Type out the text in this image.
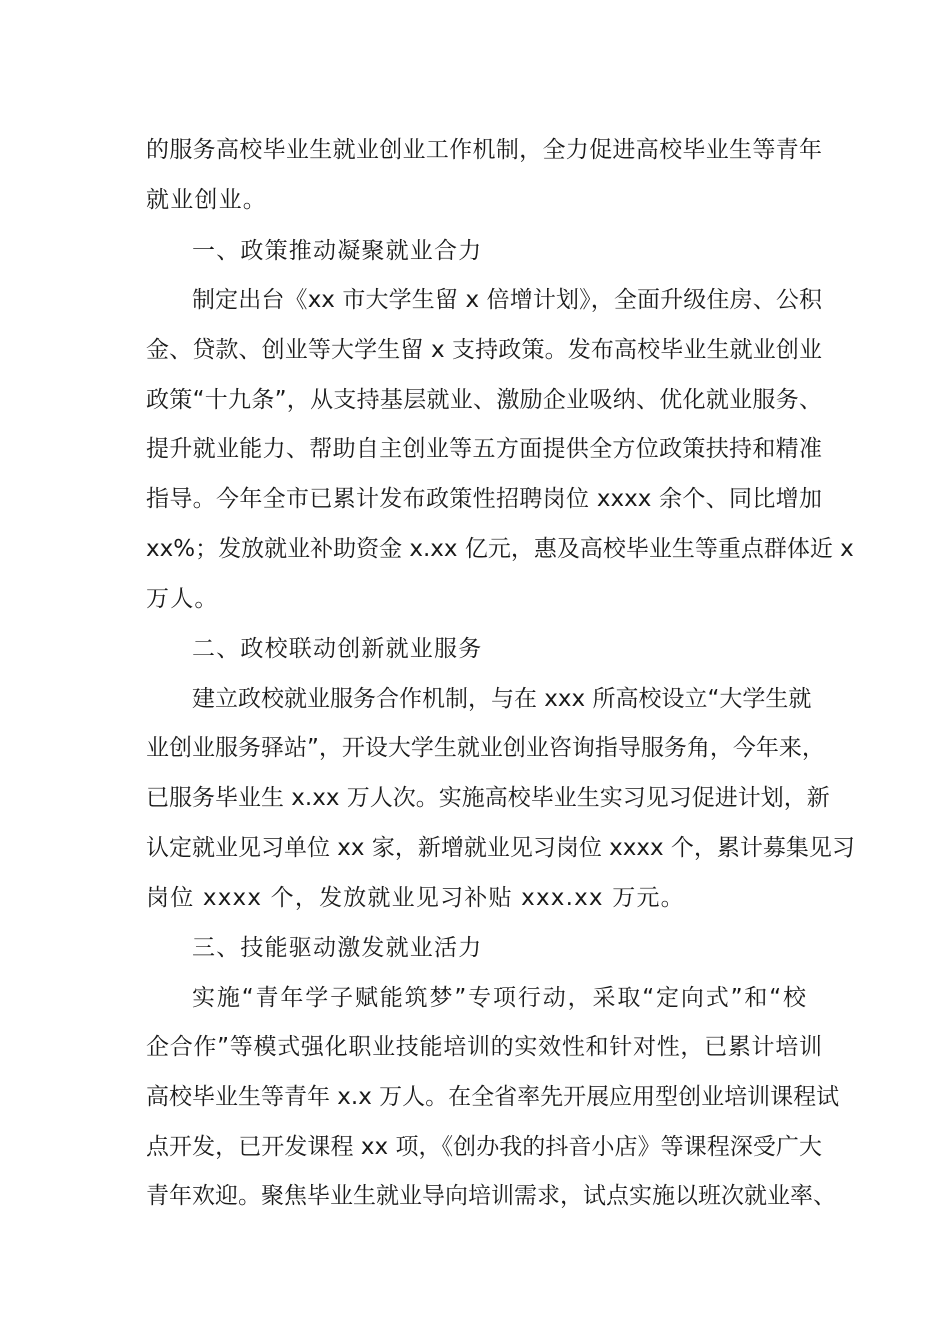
的服务高校毕业生就业创业工作机制，全力促进高校毕业生等青年
就业创业。
一、政策推动凝聚就业合力
制定出台《xx 市大学生留 x 倍增计划》，全面升级住房、公积
金、贷款、创业等大学生留 x 支持政策。发布高校毕业生就业创业
政策“十九条”，从支持基层就业、激励企业吸纳、优化就业服务、
提升就业能力、帮助自主创业等五方面提供全方位政策扶持和精准
指导。今年全市已累计发布政策性招聘岗位 xxxx 余个、同比增加
xx%；发放就业补助资金 x.xx 亿元，惠及高校毕业生等重点群体近 x
万人。
二、政校联动创新就业服务
建立政校就业服务合作机制，与在 xxx 所高校设立“大学生就
业创业服务驿站”，开设大学生就业创业咨询指导服务角，今年来，
已服务毕业生 x.xx 万人次。实施高校毕业生实习见习促进计划，新
认定就业见习单位 xx 家，新增就业见习岗位 xxxx 个，累计募集见习
岗位 xxxx 个，发放就业见习补贴 xxx.xx 万元。
三、技能驱动激发就业活力
实施“青年学子赋能筑梦”专项行动，采取“定向式”和“校
企合作”等模式强化职业技能培训的实效性和针对性，已累计培训
高校毕业生等青年 x.x 万人。在全省率先开展应用型创业培训课程试
点开发，已开发课程 xx 项，《创办我的抖音小店》等课程深受广大
青年欢迎。聚焦毕业生就业导向培训需求，试点实施以班次就业率、
